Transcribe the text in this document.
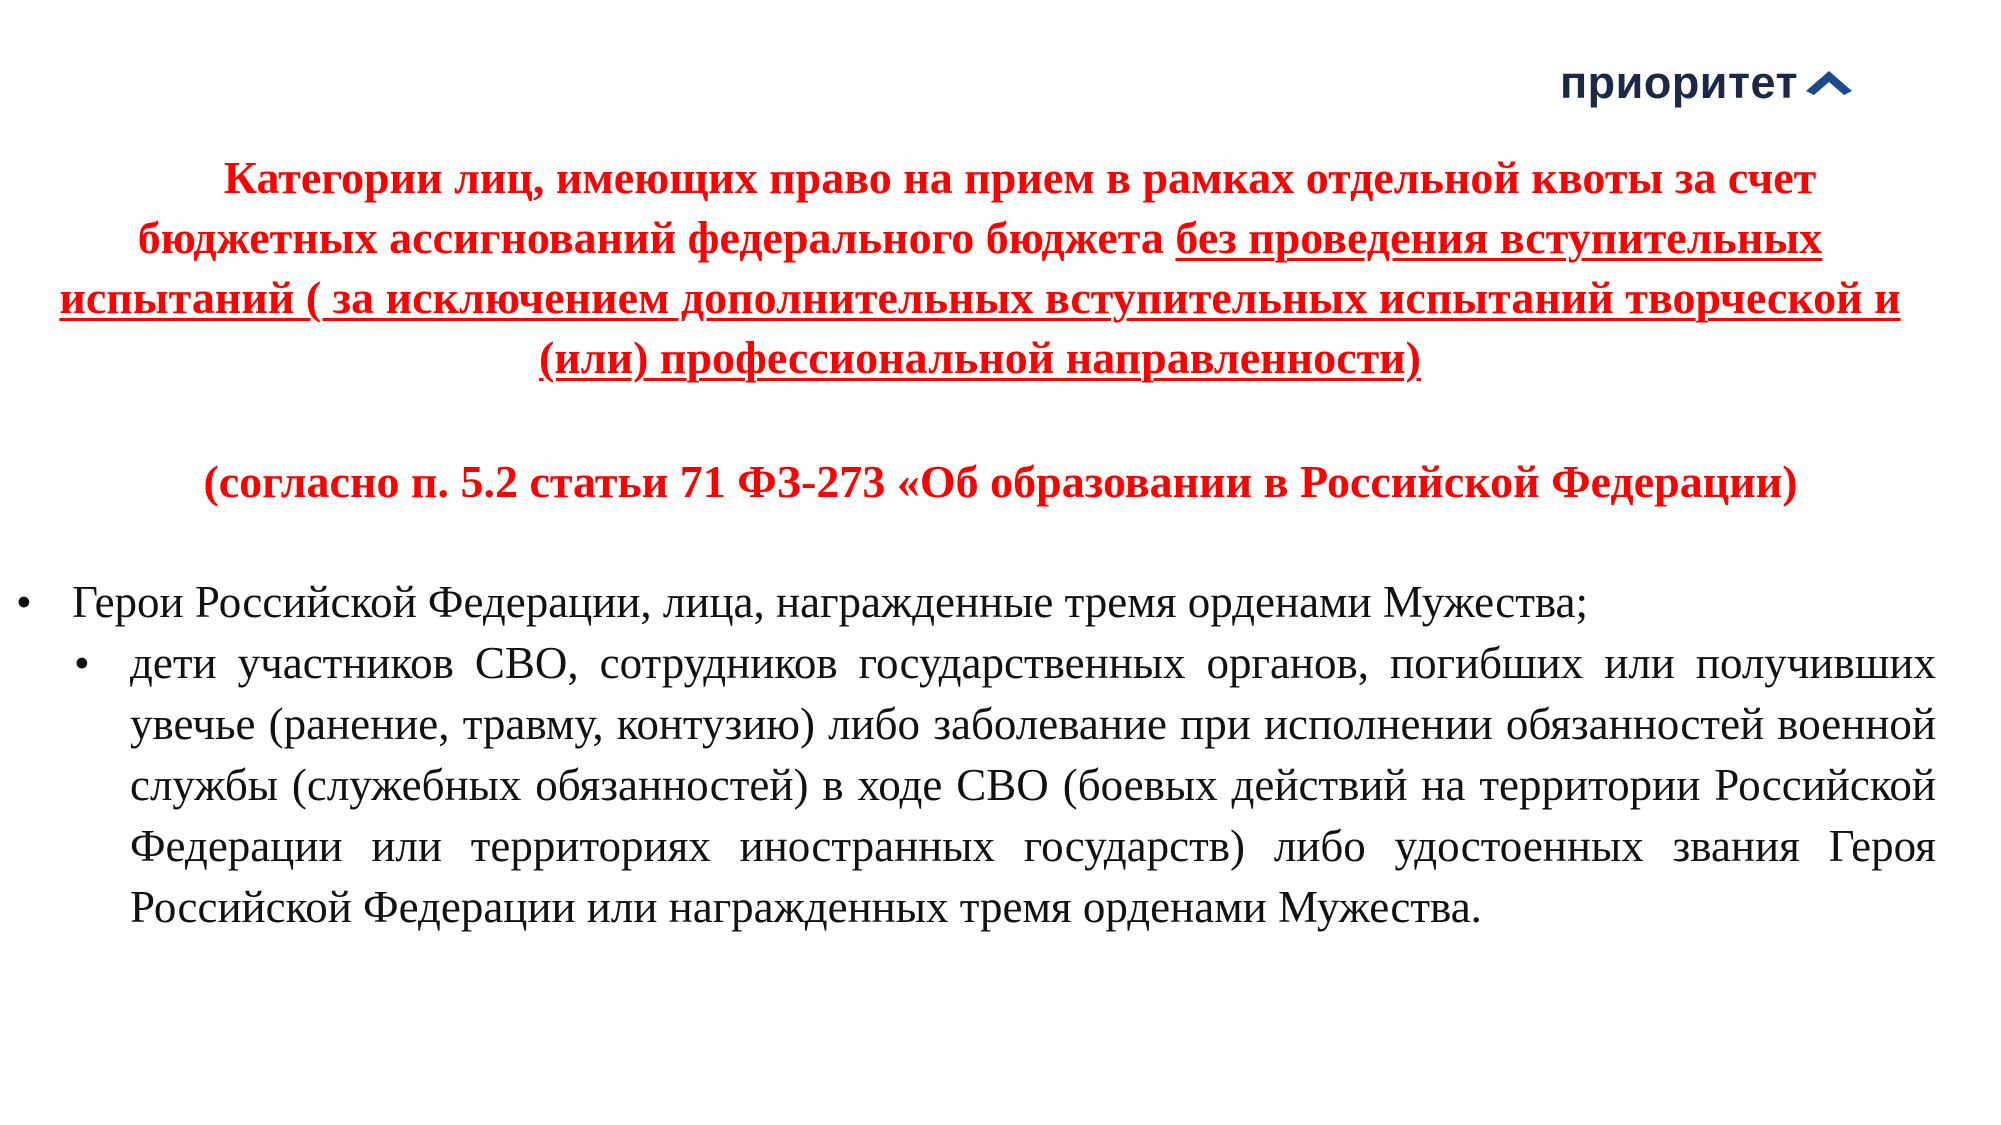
приоритет
Категории лиц, имеющих право на прием в рамках отдельной квоты за счет бюджетных ассигнований федерального бюджета без проведения вступительных испытаний ( за исключением дополнительных вступительных испытаний творческой и (или) профессиональной направленности)
(согласно п. 5.2 статьи 71 ФЗ-273 «Об образовании в Российской Федерации)
• Герои Российской Федерации, лица, награжденные тремя орденами Мужества;
• дети участников СВО, сотрудников государственных органов, погибших или получивших увечье (ранение, травму, контузию) либо заболевание при исполнении обязанностей военной службы (служебных обязанностей) в ходе СВО (боевых действий на территории Российской Федерации или территориях иностранных государств) либо удостоенных звания Героя Российской Федерации или награжденных тремя орденами Мужества.
